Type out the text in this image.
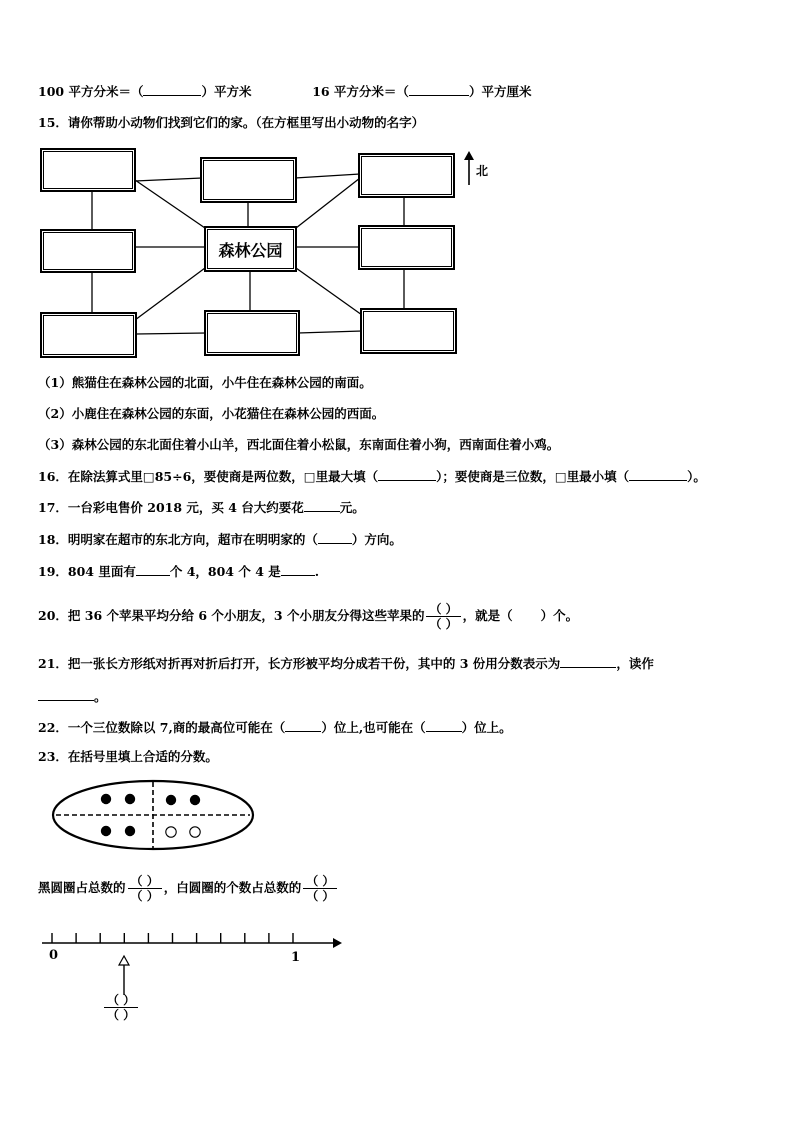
100 平方分米＝（	）平方米	16 平方分米＝（	）平方厘米
15．请你帮助小动物们找到它们的家。（在方框里写出小动物的名字）
森林公园
北
（1）熊猫住在森林公园的北面，小牛住在森林公园的南面。
（2）小鹿住在森林公园的东面，小花猫住在森林公园的西面。
（3）森林公园的东北面住着小山羊，西北面住着小松鼠，东南面住着小狗，西南面住着小鸡。
16．在除法算式里□85÷6，要使商是两位数，□里最大填（	）；要使商是三位数，□里最小填（	）。
17．一台彩电售价 2018 元，买 4 台大约要花	元。
18．明明家在超市的东北方向，超市在明明家的（	）方向。
19．804 里面有	个 4，804 个 4 是	.
20．把 36 个苹果平均分给 6 个小朋友，3 个小朋友分得这些苹果的 $\frac{( )}{( )}$ ，就是（ ）个。
21．把一张长方形纸对折再对折后打开，长方形被平均分成若干份，其中的 3 份用分数表示为	，读作
。
22．一个三位数除以 7,商的最高位可能在（	）位上,也可能在（	）位上。
23．在括号里填上合适的分数。
黑圆圈占总数的 $\frac{( )}{( )}$ ，白圆圈的个数占总数的 $\frac{( )}{( )}$
0	1
$\frac{( )}{( )}$
